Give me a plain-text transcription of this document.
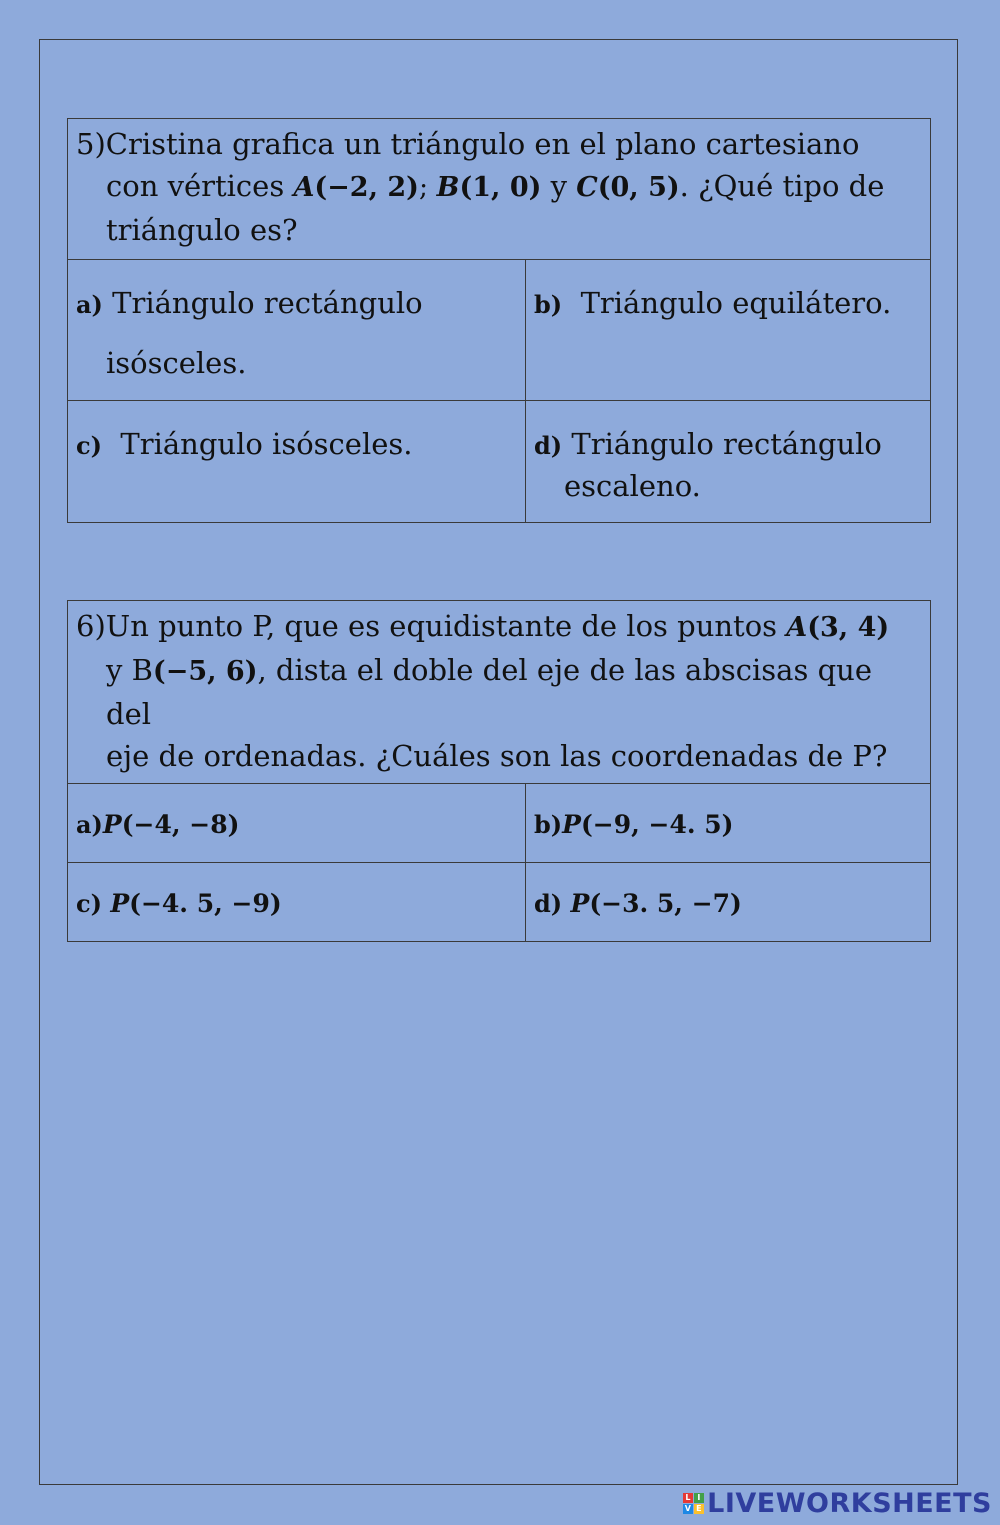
5)Cristina grafica un triángulo en el plano cartesiano
con vértices A(−2, 2); B(1, 0) y C(0, 5). ¿Qué tipo de
triángulo es?	

a) Triángulo rectángulo
isósceles.	b)  Triángulo equilátero.

c)  Triángulo isósceles.	d) Triángulo rectángulo
escaleno.
6)Un punto P, que es equidistante de los puntos A(3, 4)
y B(−5, 6), dista el doble del eje de las abscisas que del
eje de ordenadas. ¿Cuáles son las coordenadas de P?	

a)P(−4, −8)	b)P(−9, −4. 5)

c) P(−4. 5, −9)	d) P(−3. 5, −7)
L I
V E LIVEWORKSHEETS
